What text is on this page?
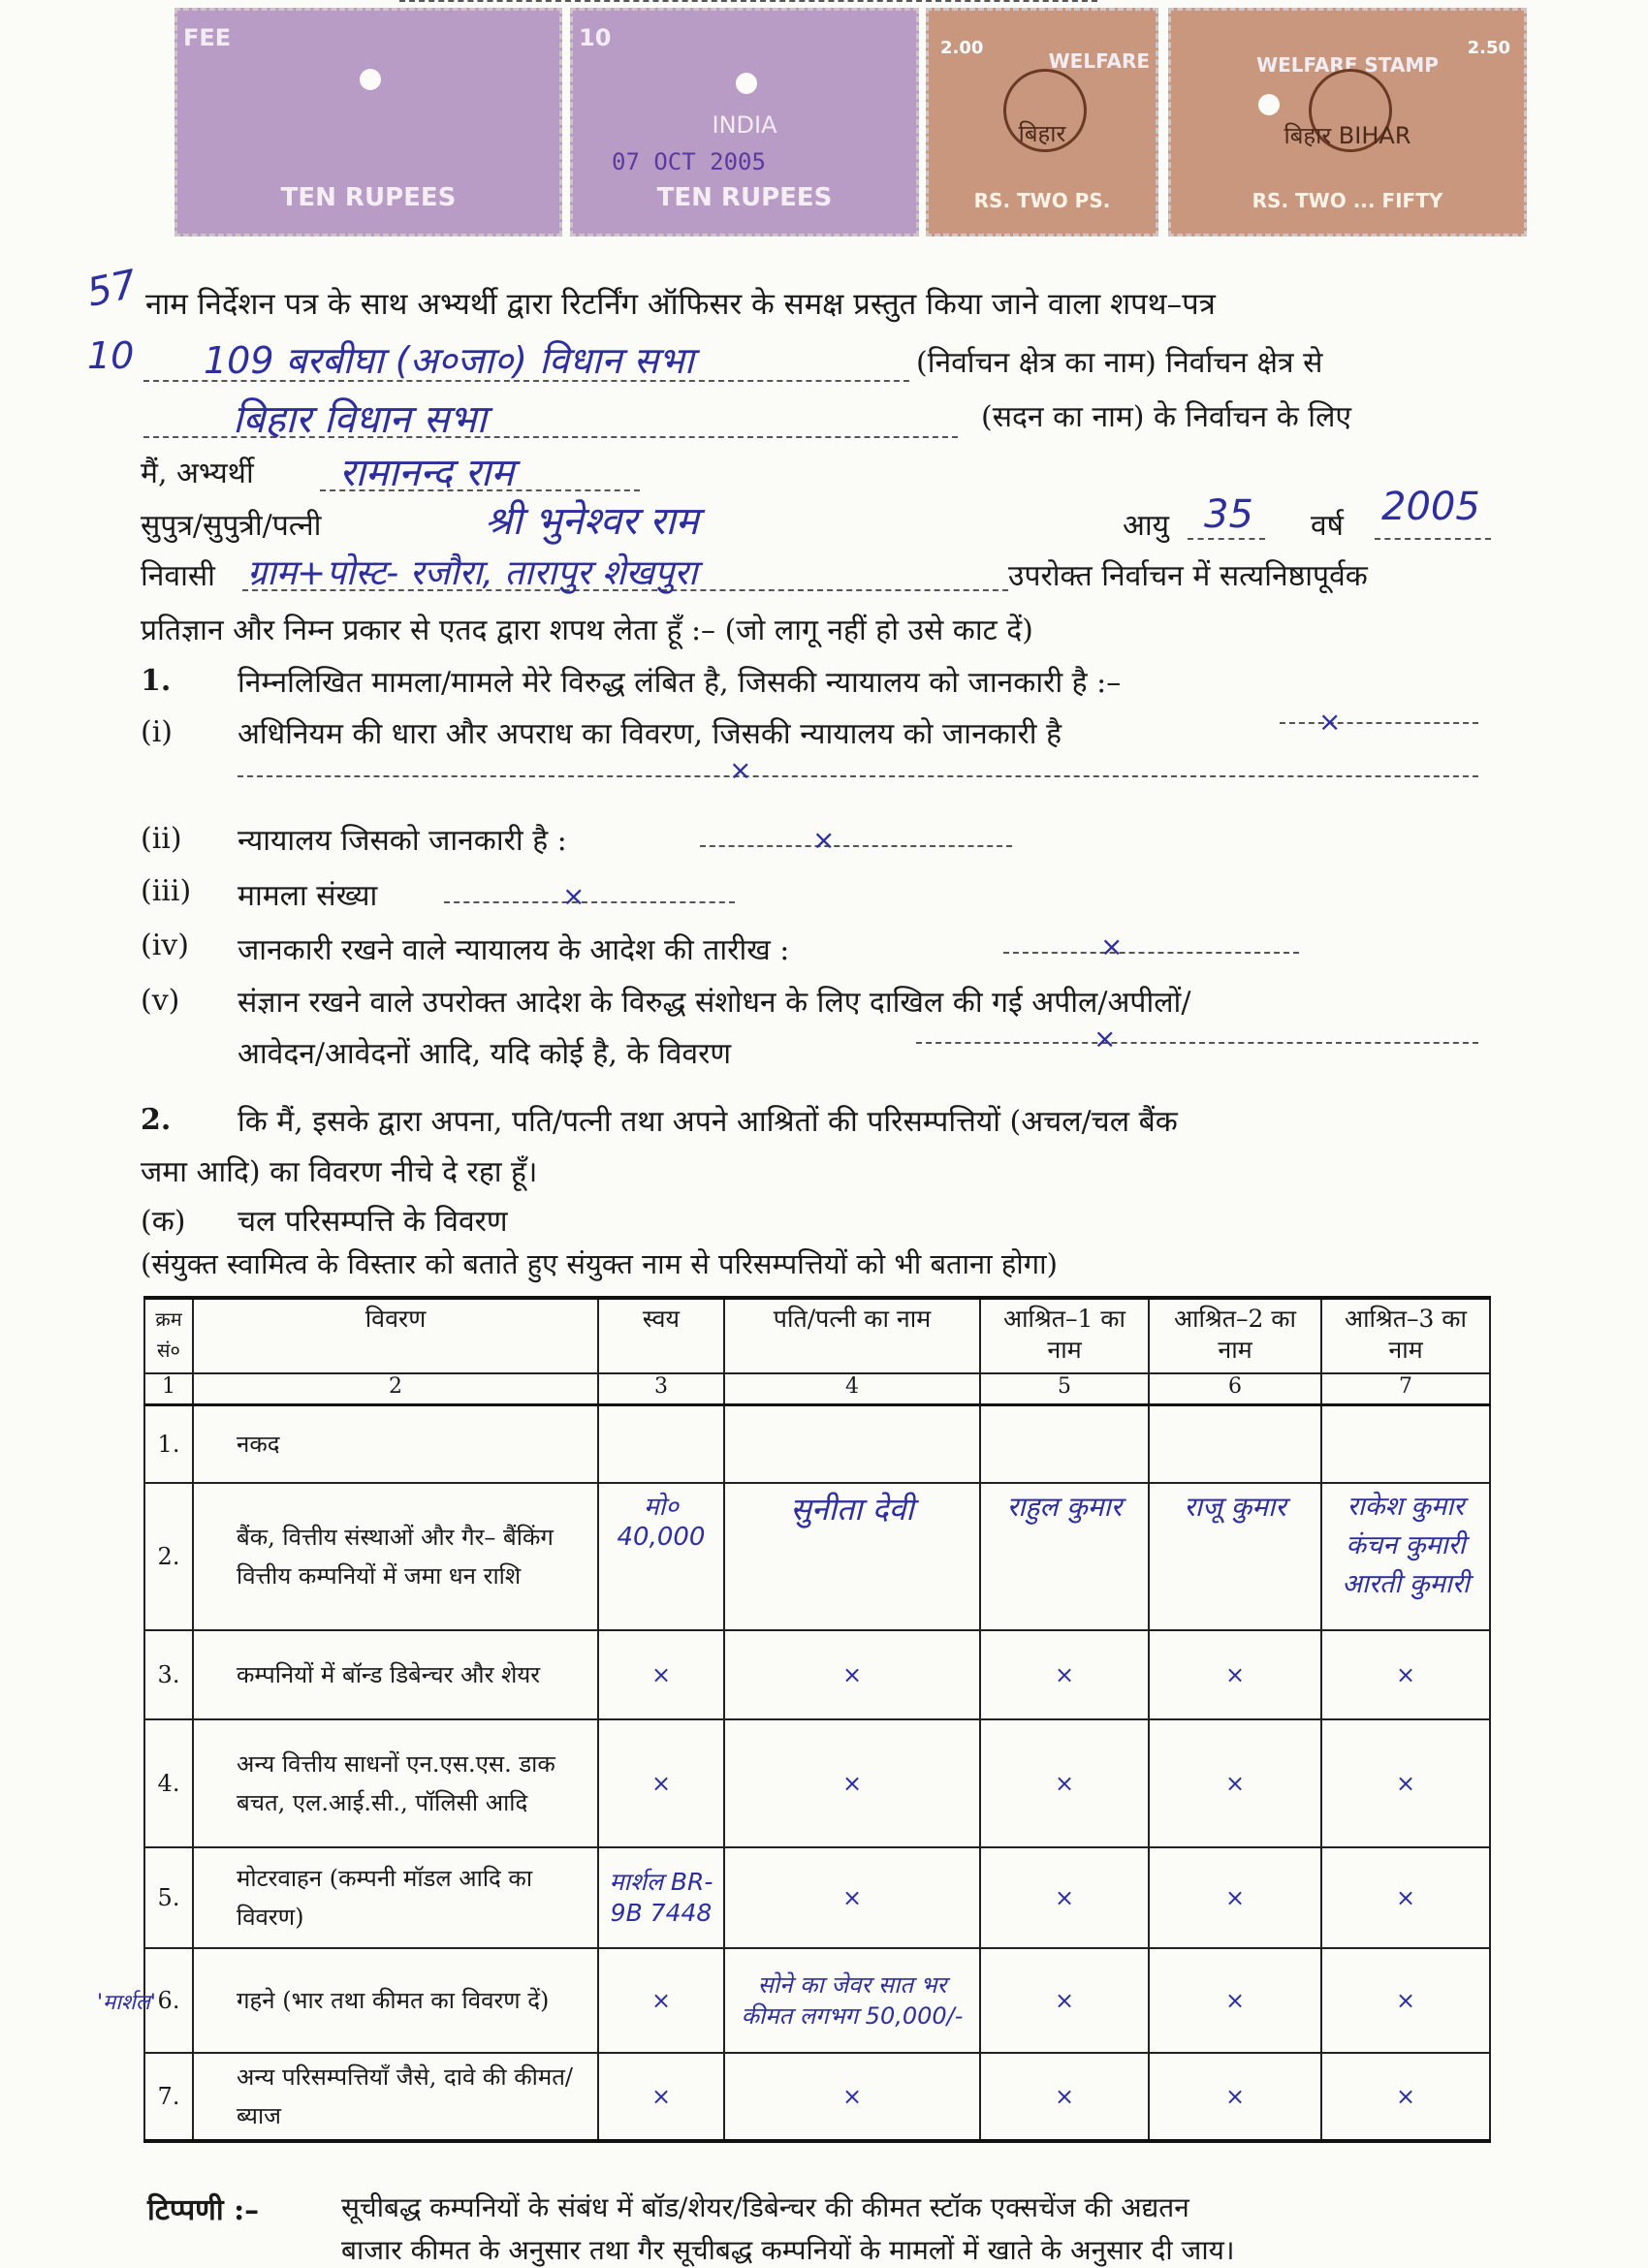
FEE
TEN RUPEES
10
INDIA
07 OCT 2005
TEN RUPEES
2.00
WELFARE
बिहार
RS. TWO PS.
2.50
WELFARE STAMP
बिहार BIHAR
RS. TWO ... FIFTY
57
10
नाम निर्देशन पत्र के साथ अभ्यर्थी द्वारा रिटर्निंग ऑफिसर के समक्ष प्रस्तुत किया जाने वाला शपथ–पत्र
109 बरबीघा (अ०जा०) विधान सभा	(निर्वाचन क्षेत्र का नाम) निर्वाचन क्षेत्र से
बिहार विधान सभा	(सदन का नाम) के निर्वाचन के लिए
मैं, अभ्यर्थी रामानन्द राम
सुपुत्र/सुपुत्री/पत्नी	श्री भुनेश्वर राम	आयु 35 वर्ष 2005
निवासी ग्राम+पोस्ट- रजौरा, तारापुर शेखपुरा	उपरोक्त निर्वाचन में सत्यनिष्ठापूर्वक
प्रतिज्ञान और निम्न प्रकार से एतद द्वारा शपथ लेता हूँ :– (जो लागू नहीं हो उसे काट दें)
1. निम्नलिखित मामला/मामले मेरे विरुद्ध लंबित है, जिसकी न्यायालय को जानकारी है :–
(i) अधिनियम की धारा और अपराध का विवरण, जिसकी न्यायालय को जानकारी है	×
×
(ii) न्यायालय जिसको जानकारी है :	×
(iii) मामला संख्या	×
(iv) जानकारी रखने वाले न्यायालय के आदेश की तारीख :	×
(v) संज्ञान रखने वाले उपरोक्त आदेश के विरुद्ध संशोधन के लिए दाखिल की गई अपील/अपीलों/
आवेदन/आवेदनों आदि, यदि कोई है, के विवरण	×
2. कि मैं, इसके द्वारा अपना, पति/पत्नी तथा अपने आश्रितों की परिसम्पत्तियों (अचल/चल बैंक
जमा आदि) का विवरण नीचे दे रहा हूँ।
(क) चल परिसम्पत्ति के विवरण
(संयुक्त स्वामित्व के विस्तार को बताते हुए संयुक्त नाम से परिसम्पत्तियों को भी बताना होगा)
क्रम सं०	विवरण	स्वय	पति/पत्नी का नाम	आश्रित–1 का नाम	आश्रित–2 का नाम	आश्रित–3 का नाम
1	2	3	4	5	6	7
1.	नकद					
2.	बैंक, वित्तीय संस्थाओं और गैर– बैंकिंग वित्तीय कम्पनियों में जमा धन राशि	मो० 40,000	सुनीता देवी	राहुल कुमार	राजू कुमार	राकेश कुमार कंचन कुमारी आरती कुमारी
3.	कम्पनियों में बॉन्ड डिबेन्चर और शेयर	×	×	×	×	×
4.	अन्य वित्तीय साधनों एन.एस.एस. डाक बचत, एल.आई.सी., पॉलिसी आदि	×	×	×	×	×
5.	मोटरवाहन (कम्पनी मॉडल आदि का विवरण)	मार्शल BR-9B 7448	×	×	×	×
6.	गहने (भार तथा कीमत का विवरण दें)	×	सोने का जेवर सात भर कीमत लगभग 50,000/-	×	×	×
7.	अन्य परिसम्पत्तियाँ जैसे, दावे की कीमत/ब्याज	×	×	×	×	×
'मार्शल'
टिप्पणी :–	सूचीबद्ध कम्पनियों के संबंध में बॉड/शेयर/डिबेन्चर की कीमत स्टॉक एक्सचेंज की अद्यतन
बाजार कीमत के अनुसार तथा गैर सूचीबद्ध कम्पनियों के मामलों में खाते के अनुसार दी जाय।
